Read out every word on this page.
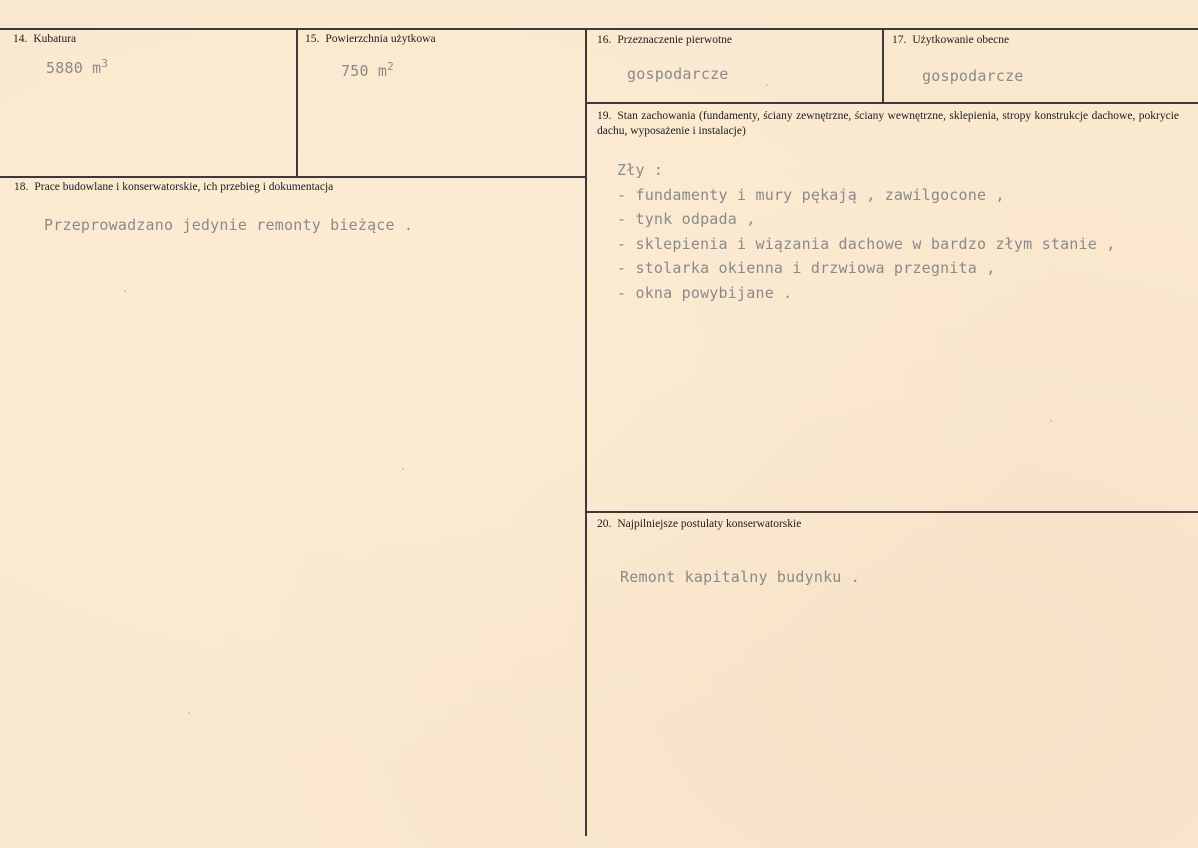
14. Kubatura
5880 $m^3$
15. Powierzchnia użytkowa
750 $m^2$
16. Przeznaczenie pierwotne
gospodarcze
17. Użytkowanie obecne
gospodarcze
18. Prace budowlane i konserwatorskie, ich przebieg i dokumentacja
Przeprowadzano jedynie remonty bieżące .
19. Stan zachowania (fundamenty, ściany zewnętrzne, ściany wewnętrzne, sklepienia, stropy konstrukcje dachowe, pokrycie dachu, wyposażenie i instalacje)
Zły :
- fundamenty i mury pękają , zawilgocone ,
- tynk odpada ,
- sklepienia i wiązania dachowe w bardzo złym stanie ,
- stolarka okienna i drzwiowa przegnita ,
- okna powybijane .
20. Najpilniejsze postulaty konserwatorskie
Remont kapitalny budynku .
